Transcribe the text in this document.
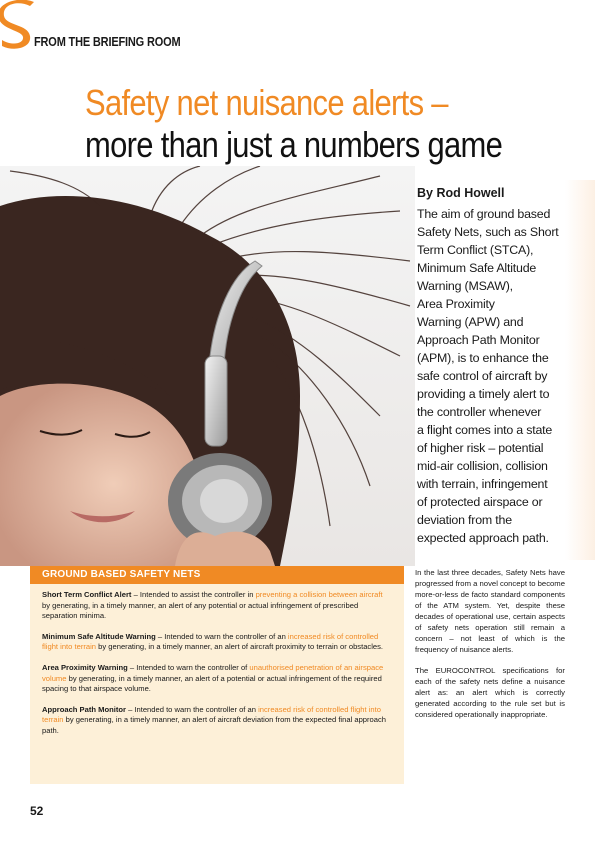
FROM THE BRIEFING ROOM
Safety net nuisance alerts –
more than just a numbers game
By Rod Howell
The aim of ground based
Safety Nets, such as Short
Term Conflict (STCA),
Minimum Safe Altitude
Warning (MSAW),
Area Proximity
Warning (APW) and
Approach Path Monitor
(APM), is to enhance the
safe control of aircraft by
providing a timely alert to
the controller whenever
a flight comes into a state
of higher risk – potential
mid-air collision, collision
with terrain, infringement
of protected airspace or
deviation from the
expected approach path.
GROUND BASED SAFETY NETS
Short Term Conflict Alert – Intended to assist the controller in preventing a collision between aircraft by generating, in a timely manner, an alert of any potential or actual infringement of prescribed separation minima.
Minimum Safe Altitude Warning – Intended to warn the controller of an increased risk of controlled flight into terrain by generating, in a timely manner, an alert of aircraft proximity to terrain or obstacles.
Area Proximity Warning – Intended to warn the controller of unauthorised penetration of an airspace volume by generating, in a timely manner, an alert of a potential or actual infringement of the required spacing to that airspace volume.
Approach Path Monitor – Intended to warn the controller of an increased risk of controlled flight into terrain by generating, in a timely manner, an alert of aircraft deviation from the expected final approach path.

In the last three decades, Safety Nets have progressed from a novel concept to become more-or-less de facto standard components of the ATM system. Yet, despite these decades of operational use, certain aspects of safety nets operation still remain a concern – not least of which is the frequency of nuisance alerts.

The EUROCONTROL specifications for each of the safety nets define a nuisance alert as: an alert which is correctly generated according to the rule set but is considered operationally inappropriate.

52
